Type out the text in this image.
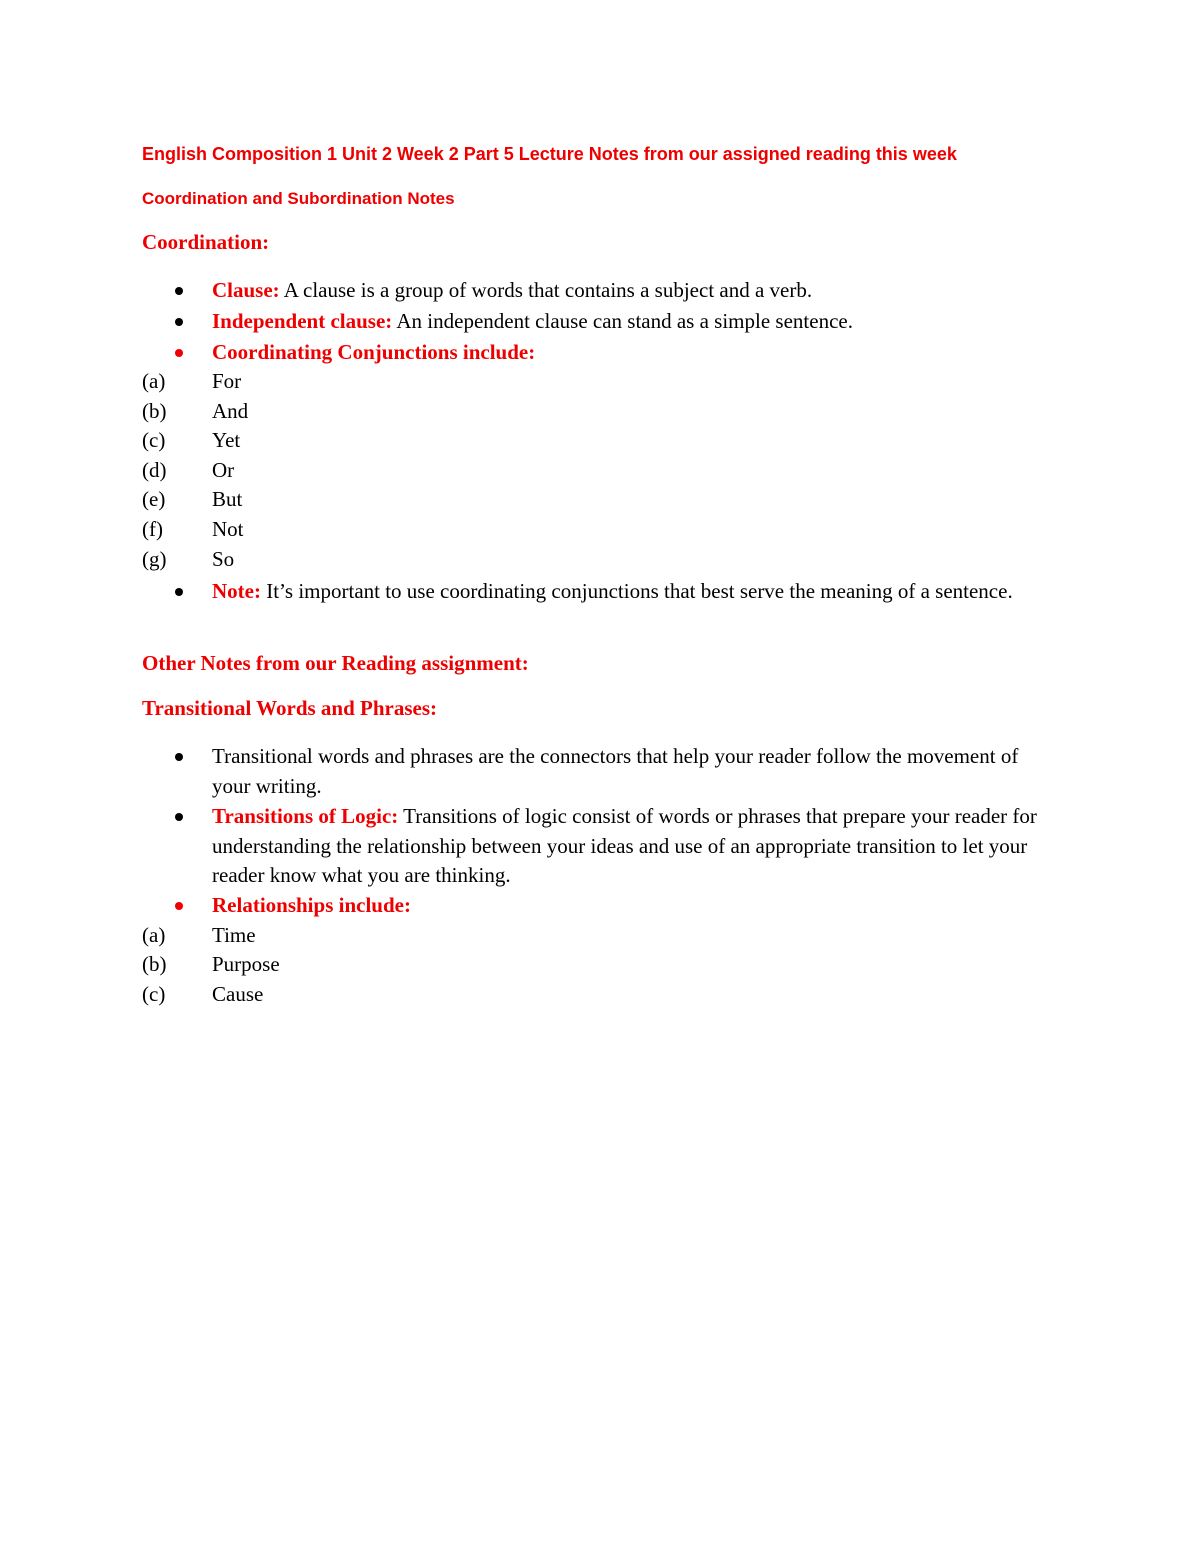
English Composition 1 Unit 2 Week 2 Part 5 Lecture Notes from our assigned reading this week
Coordination and Subordination Notes
Coordination:
Clause: A clause is a group of words that contains a subject and a verb.
Independent clause: An independent clause can stand as a simple sentence.
Coordinating Conjunctions include:
(a) For
(b) And
(c) Yet
(d) Or
(e) But
(f) Not
(g) So
Note: It’s important to use coordinating conjunctions that best serve the meaning of a sentence.
Other Notes from our Reading assignment:
Transitional Words and Phrases:
Transitional words and phrases are the connectors that help your reader follow the movement of your writing.
Transitions of Logic: Transitions of logic consist of words or phrases that prepare your reader for understanding the relationship between your ideas and use of an appropriate transition to let your reader know what you are thinking.
Relationships include:
(a) Time
(b) Purpose
(c) Cause
